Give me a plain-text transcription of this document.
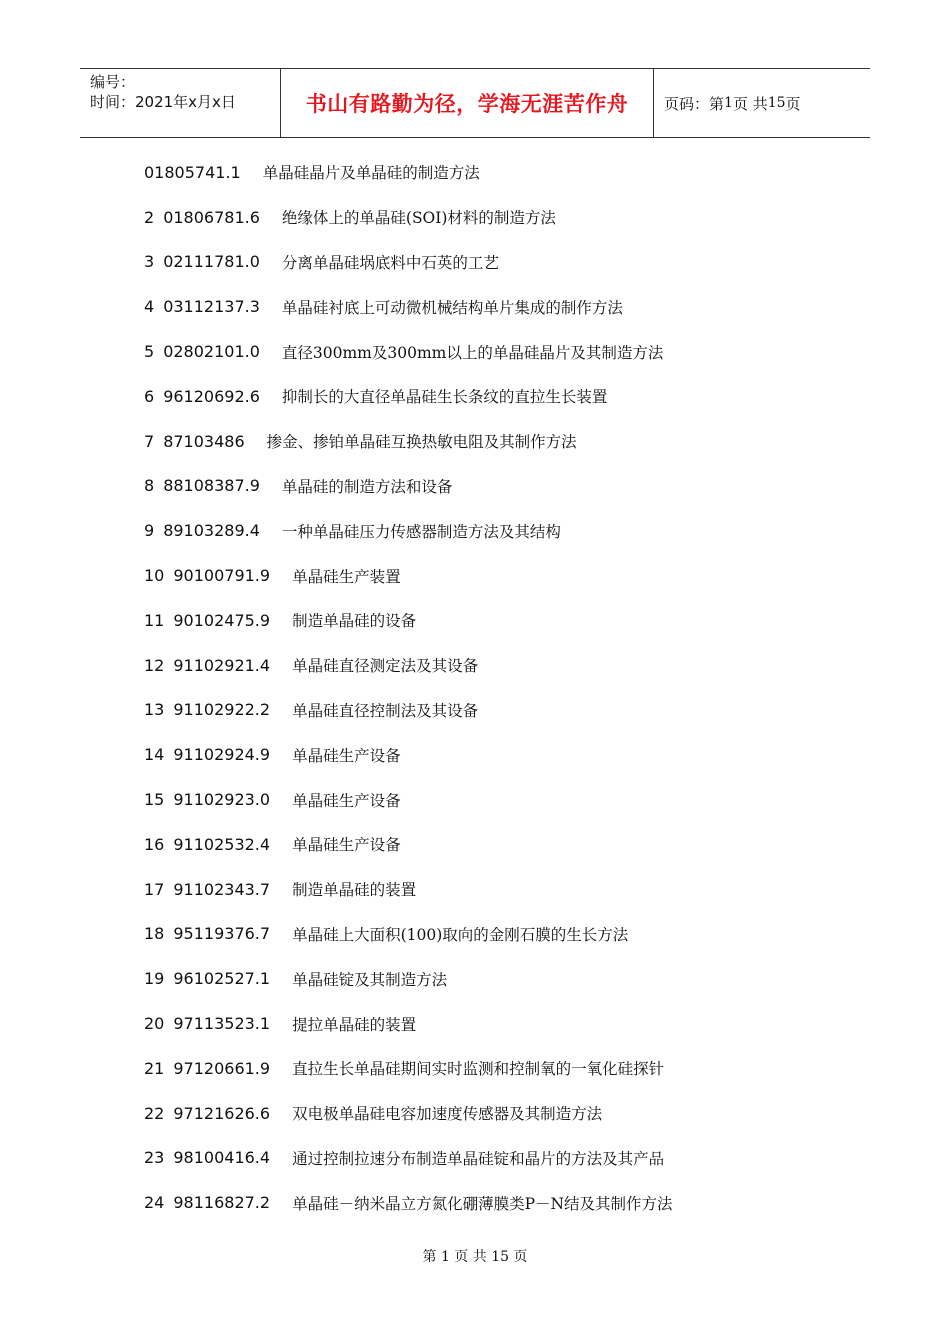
编号：
时间：2021年x月x日	书山有路勤为径，学海无涯苦作舟 页码：第 1 页 共 15 页
01805741.1 单晶硅晶片及单晶硅的制造方法
2 01806781.6 绝缘体上的单晶硅(SOI)材料的制造方法
3 02111781.0 分离单晶硅埚底料中石英的工艺
4 03112137.3 单晶硅衬底上可动微机械结构单片集成的制作方法
5 02802101.0 直径300mm及300mm以上的单晶硅晶片及其制造方法
6 96120692.6 抑制长的大直径单晶硅生长条纹的直拉生长装置
7 87103486 掺金、掺铂单晶硅互换热敏电阻及其制作方法
8 88108387.9 单晶硅的制造方法和设备
9 89103289.4 一种单晶硅压力传感器制造方法及其结构
10 90100791.9 单晶硅生产装置
11 90102475.9 制造单晶硅的设备
12 91102921.4 单晶硅直径测定法及其设备
13 91102922.2 单晶硅直径控制法及其设备
14 91102924.9 单晶硅生产设备
15 91102923.0 单晶硅生产设备
16 91102532.4 单晶硅生产设备
17 91102343.7 制造单晶硅的装置
18 95119376.7 单晶硅上大面积(100)取向的金刚石膜的生长方法
19 96102527.1 单晶硅锭及其制造方法
20 97113523.1 提拉单晶硅的装置
21 97120661.9 直拉生长单晶硅期间实时监测和控制氧的一氧化硅探针
22 97121626.6 双电极单晶硅电容加速度传感器及其制造方法
23 98100416.4 通过控制拉速分布制造单晶硅锭和晶片的方法及其产品
24 98116827.2 单晶硅－纳米晶立方氮化硼薄膜类P－N结及其制作方法
第 1 页 共 15 页
